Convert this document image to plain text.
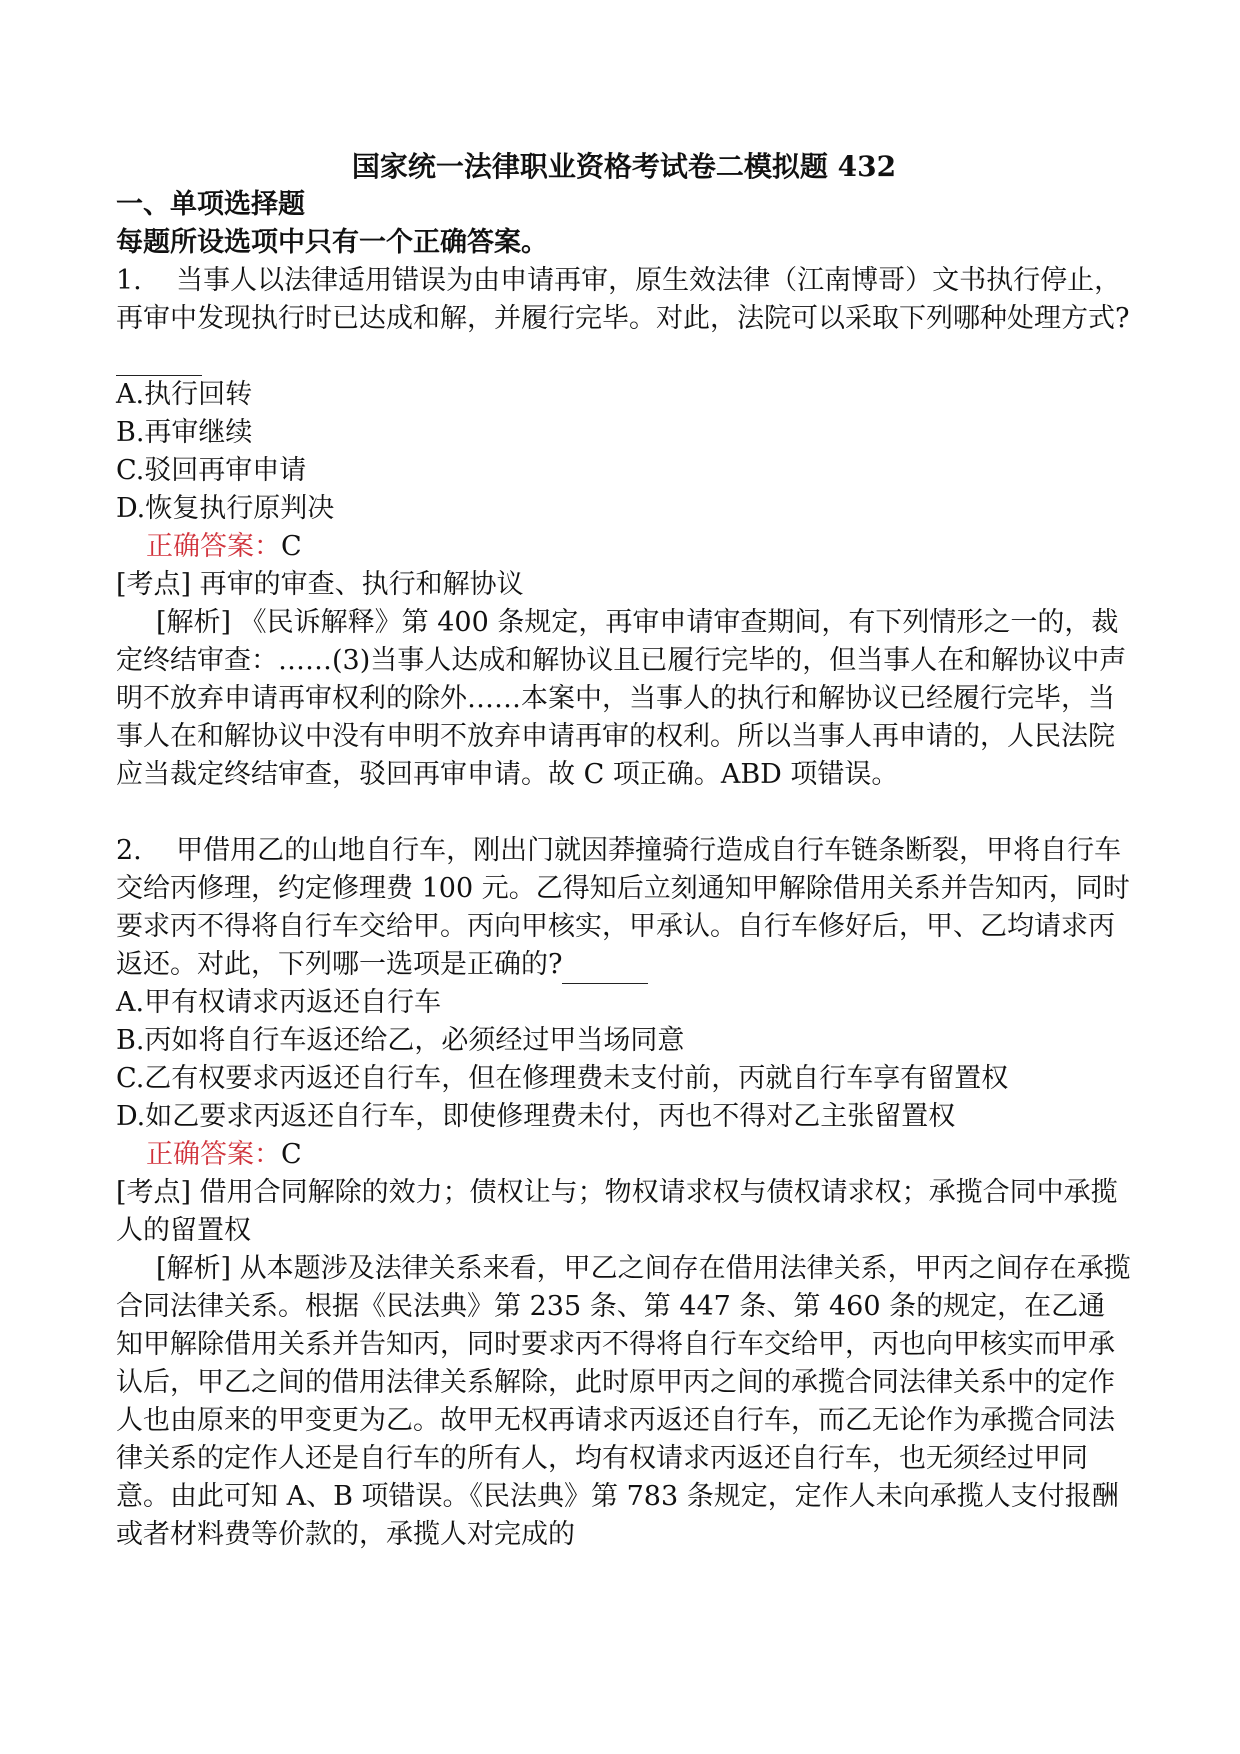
国家统一法律职业资格考试卷二模拟题 432

一、单项选择题

每题所设选项中只有一个正确答案。

1. 当事人以法律适用错误为由申请再审，原生效法律（江南博哥）文书执行停止，再审中发现执行时已达成和解，并履行完毕。对此，法院可以采取下列哪种处理方式?

A.执行回转

B.再审继续

C.驳回再审申请

D.恢复执行原判决

正确答案：C

[考点] 再审的审查、执行和解协议

[解析] 《民诉解释》第 400 条规定，再审申请审查期间，有下列情形之一的，裁定终结审查：……(3)当事人达成和解协议且已履行完毕的，但当事人在和解协议中声明不放弃申请再审权利的除外……本案中，当事人的执行和解协议已经履行完毕，当事人在和解协议中没有申明不放弃申请再审的权利。所以当事人再申请的，人民法院应当裁定终结审查，驳回再审申请。故 C 项正确。ABD 项错误。

2. 甲借用乙的山地自行车，刚出门就因莽撞骑行造成自行车链条断裂，甲将自行车交给丙修理，约定修理费 100 元。乙得知后立刻通知甲解除借用关系并告知丙，同时要求丙不得将自行车交给甲。丙向甲核实，甲承认。自行车修好后，甲、乙均请求丙返还。对此，下列哪一选项是正确的?

A.甲有权请求丙返还自行车

B.丙如将自行车返还给乙，必须经过甲当场同意

C.乙有权要求丙返还自行车，但在修理费未支付前，丙就自行车享有留置权

D.如乙要求丙返还自行车，即使修理费未付，丙也不得对乙主张留置权

正确答案：C

[考点] 借用合同解除的效力；债权让与；物权请求权与债权请求权；承揽合同中承揽人的留置权

[解析] 从本题涉及法律关系来看，甲乙之间存在借用法律关系，甲丙之间存在承揽合同法律关系。根据《民法典》第 235 条、第 447 条、第 460 条的规定，在乙通知甲解除借用关系并告知丙，同时要求丙不得将自行车交给甲，丙也向甲核实而甲承认后，甲乙之间的借用法律关系解除，此时原甲丙之间的承揽合同法律关系中的定作人也由原来的甲变更为乙。故甲无权再请求丙返还自行车，而乙无论作为承揽合同法律关系的定作人还是自行车的所有人，均有权请求丙返还自行车，也无须经过甲同意。由此可知 A、B 项错误。《民法典》第 783 条规定，定作人未向承揽人支付报酬或者材料费等价款的，承揽人对完成的
